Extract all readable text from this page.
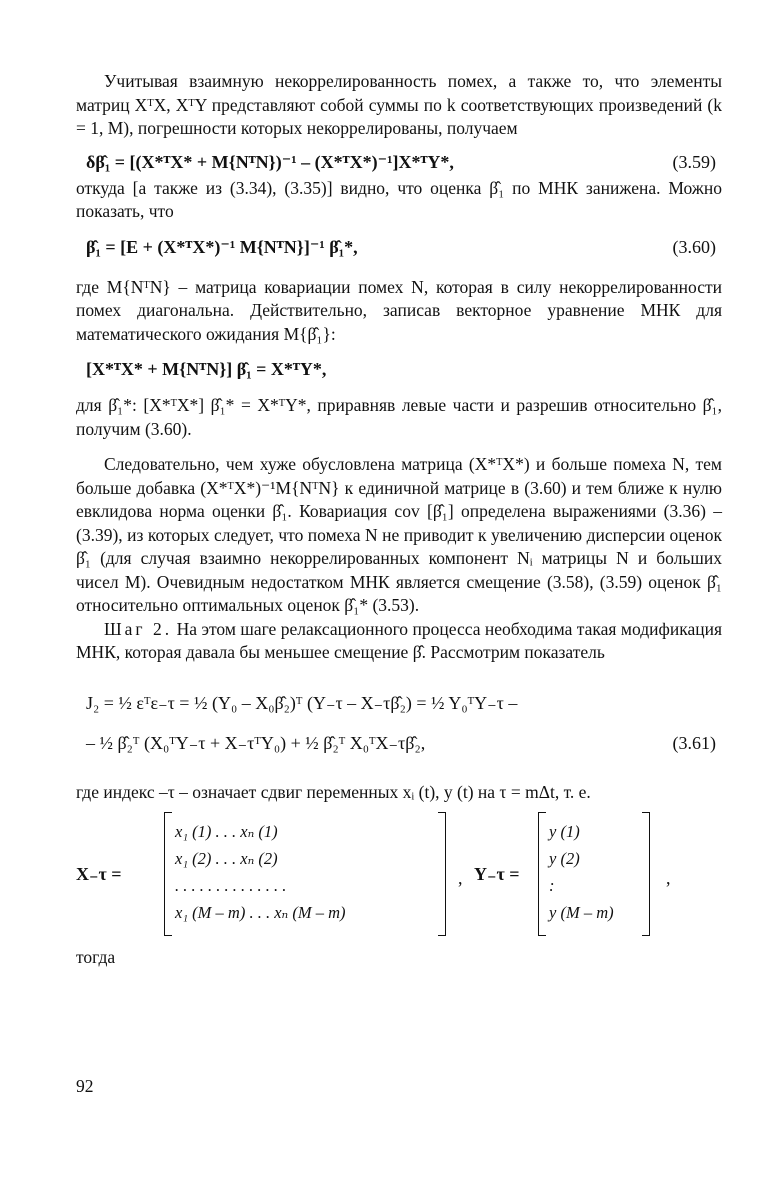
Учитывая взаимную некоррелированность помех, а также то, что элементы матриц XᵀX, XᵀY представляют собой суммы по k соответствующих произведений (k = 1, M), погрешности которых некоррелированы, получаем

δβ̂₁ = [(X*ᵀX* + M{NᵀN})⁻¹ – (X*ᵀX*)⁻¹]X*ᵀY*,	(3.59)

откуда [а также из (3.34), (3.35)] видно, что оценка β̂₁ по МНК занижена. Можно показать, что

β̂₁ = [E + (X*ᵀX*)⁻¹ M{NᵀN}]⁻¹ β̂₁*,	(3.60)

где M{NᵀN} – матрица ковариации помех N, которая в силу некоррелированности помех диагональна. Действительно, записав векторное уравнение МНК для математического ожидания M{β̂₁}:

[X*ᵀX* + M{NᵀN}] β̂₁ = X*ᵀY*,

для β̂₁*: [X*ᵀX*] β̂₁* = X*ᵀY*, приравняв левые части и разрешив относительно β̂₁, получим (3.60).

Следовательно, чем хуже обусловлена матрица (X*ᵀX*) и больше помеха N, тем больше добавка (X*ᵀX*)⁻¹M{NᵀN} к единичной матрице в (3.60) и тем ближе к нулю евклидова норма оценки β̂₁. Ковариация cov [β̂₁] определена выражениями (3.36) – (3.39), из которых следует, что помеха N не приводит к увеличению дисперсии оценок β̂₁ (для случая взаимно некоррелированных компонент Nᵢ матрицы N и больших чисел M). Очевидным недостатком МНК является смещение (3.58), (3.59) оценок β̂₁ относительно оптимальных оценок β̂₁* (3.53).

Шаг 2. На этом шаге релаксационного процесса необходима такая модификация МНК, которая давала бы меньшее смещение β̂. Рассмотрим показатель

J₂ = ½ εᵀε₋τ = ½ (Y₀ – X₀β̂₂)ᵀ (Y₋τ – X₋τβ̂₂) = ½ Y₀ᵀY₋τ –
– ½ β̂₂ᵀ (X₀ᵀY₋τ + X₋τᵀY₀) + ½ β̂₂ᵀ X₀ᵀX₋τβ̂₂,	(3.61)

где индекс –τ – означает сдвиг переменных xᵢ (t), y (t) на τ = mΔt, т. е.

X₋τ =
x₁ (1) . . . xₙ (1)
x₁ (2) . . . xₙ (2)
. . . . . . . . . . . . . .
x₁ (M – m) . . . xₙ (M – m)
, Y₋τ =
y (1)
y (2)
:
y (M – m)
,

тогда

92
